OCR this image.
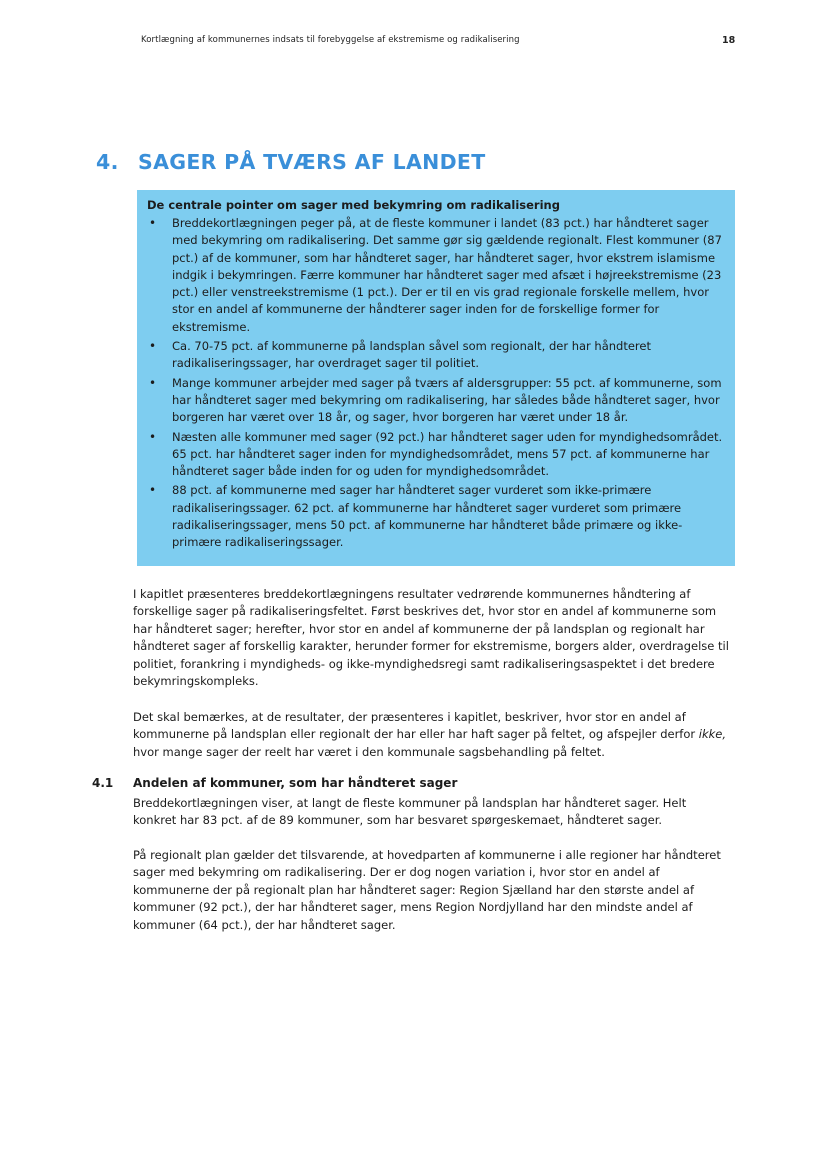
Kortlægning af kommunernes indsats til forebyggelse af ekstremisme og radikalisering	18
4. SAGER PÅ TVÆRS AF LANDET
De centrale pointer om sager med bekymring om radikalisering
• Breddekortlægningen peger på, at de fleste kommuner i landet (83 pct.) har håndteret sager med bekymring om radikalisering. Det samme gør sig gældende regionalt. Flest kommuner (87 pct.) af de kommuner, som har håndteret sager, har håndteret sager, hvor ekstrem islamisme indgik i bekymringen. Færre kommuner har håndteret sager med afsæt i højreekstremisme (23 pct.) eller venstreekstremisme (1 pct.). Der er til en vis grad regionale forskelle mellem, hvor stor en andel af kommunerne der håndterer sager inden for de forskellige former for ekstremisme.
• Ca. 70-75 pct. af kommunerne på landsplan såvel som regionalt, der har håndteret radikaliseringssager, har overdraget sager til politiet.
• Mange kommuner arbejder med sager på tværs af aldersgrupper: 55 pct. af kommunerne, som har håndteret sager med bekymring om radikalisering, har således både håndteret sager, hvor borgeren har været over 18 år, og sager, hvor borgeren har været under 18 år.
• Næsten alle kommuner med sager (92 pct.) har håndteret sager uden for myndighedsområdet. 65 pct. har håndteret sager inden for myndighedsområdet, mens 57 pct. af kommunerne har håndteret sager både inden for og uden for myndighedsområdet.
• 88 pct. af kommunerne med sager har håndteret sager vurderet som ikke-primære radikaliseringssager. 62 pct. af kommunerne har håndteret sager vurderet som primære radikaliseringssager, mens 50 pct. af kommunerne har håndteret både primære og ikke-primære radikaliseringssager.

I kapitlet præsenteres breddekortlægningens resultater vedrørende kommunernes håndtering af forskellige sager på radikaliseringsfeltet. Først beskrives det, hvor stor en andel af kommunerne som har håndteret sager; herefter, hvor stor en andel af kommunerne der på landsplan og regionalt har håndteret sager af forskellig karakter, herunder former for ekstremisme, borgers alder, overdragelse til politiet, forankring i myndigheds- og ikke-myndighedsregi samt radikaliseringsaspektet i det bredere bekymringskompleks.

Det skal bemærkes, at de resultater, der præsenteres i kapitlet, beskriver, hvor stor en andel af kommunerne på landsplan eller regionalt der har eller har haft sager på feltet, og afspejler derfor ikke, hvor mange sager der reelt har været i den kommunale sagsbehandling på feltet.

4.1 Andelen af kommuner, som har håndteret sager

Breddekortlægningen viser, at langt de fleste kommuner på landsplan har håndteret sager. Helt konkret har 83 pct. af de 89 kommuner, som har besvaret spørgeskemaet, håndteret sager.

På regionalt plan gælder det tilsvarende, at hovedparten af kommunerne i alle regioner har håndteret sager med bekymring om radikalisering. Der er dog nogen variation i, hvor stor en andel af kommunerne der på regionalt plan har håndteret sager: Region Sjælland har den største andel af kommuner (92 pct.), der har håndteret sager, mens Region Nordjylland har den mindste andel af kommuner (64 pct.), der har håndteret sager.
